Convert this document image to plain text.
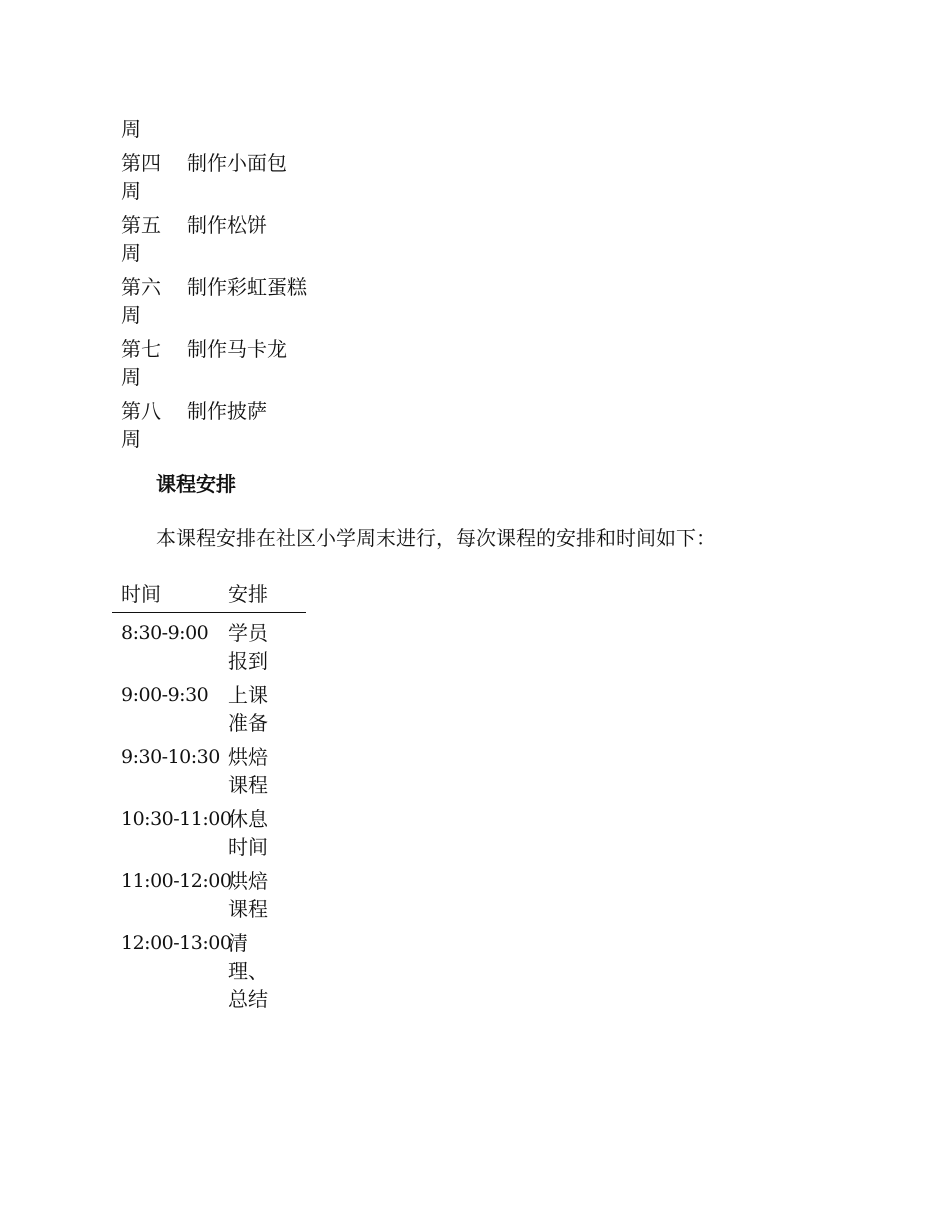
周
第四周
制作小面包
第五周
制作松饼
第六周
制作彩虹蛋糕
第七周
制作马卡龙
第八周
制作披萨
课程安排
本课程安排在社区小学周末进行，每次课程的安排和时间如下：
时间	安排
8:30-9:00 学员报到
9:00-9:30 上课准备
9:30-10:30 烘焙课程
10:30-11:00
休息时间
11:00-12:00
烘焙课程
12:00-13:00
清理、总结
